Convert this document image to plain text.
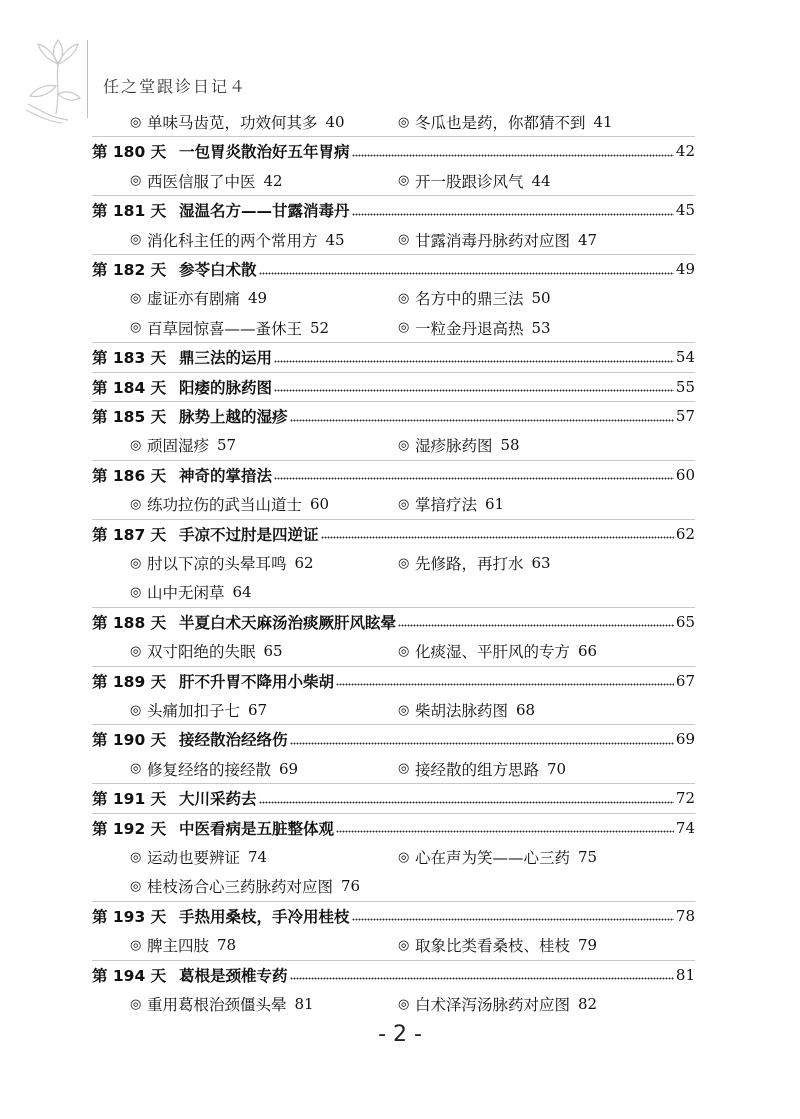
任之堂跟诊日记４
◎ 单味马齿苋，功效何其多 40	◎ 冬瓜也是药，你都猜不到 41
第 180 天 一包胃炎散治好五年胃病	42
◎ 西医信服了中医 42	◎ 开一股跟诊风气 44
第 181 天 湿温名方——甘露消毒丹	45
◎ 消化科主任的两个常用方 45	◎ 甘露消毒丹脉药对应图 47
第 182 天 参苓白术散	49
◎ 虚证亦有剧痛 49	◎ 名方中的鼎三法 50
◎ 百草园惊喜——蚤休王 52	◎ 一粒金丹退高热 53
第 183 天 鼎三法的运用	54
第 184 天 阳痿的脉药图	55
第 185 天 脉势上越的湿疹	57
◎ 顽固湿疹 57	◎ 湿疹脉药图 58
第 186 天 神奇的掌揞法	60
◎ 练功拉伤的武当山道士 60	◎ 掌揞疗法 61
第 187 天 手凉不过肘是四逆证	62
◎ 肘以下凉的头晕耳鸣 62	◎ 先修路，再打水 63
◎ 山中无闲草 64
第 188 天 半夏白术天麻汤治痰厥肝风眩晕	65
◎ 双寸阳绝的失眠 65	◎ 化痰湿、平肝风的专方 66
第 189 天 肝不升胃不降用小柴胡	67
◎ 头痛加扣子七 67	◎ 柴胡法脉药图 68
第 190 天 接经散治经络伤	69
◎ 修复经络的接经散 69	◎ 接经散的组方思路 70
第 191 天 大川采药去	72
第 192 天 中医看病是五脏整体观	74
◎ 运动也要辨证 74	◎ 心在声为笑——心三药 75
◎ 桂枝汤合心三药脉药对应图 76
第 193 天 手热用桑枝，手冷用桂枝	78
◎ 脾主四肢 78	◎ 取象比类看桑枝、桂枝 79
第 194 天 葛根是颈椎专药	81
◎ 重用葛根治颈僵头晕 81	◎ 白术泽泻汤脉药对应图 82
- 2 -
